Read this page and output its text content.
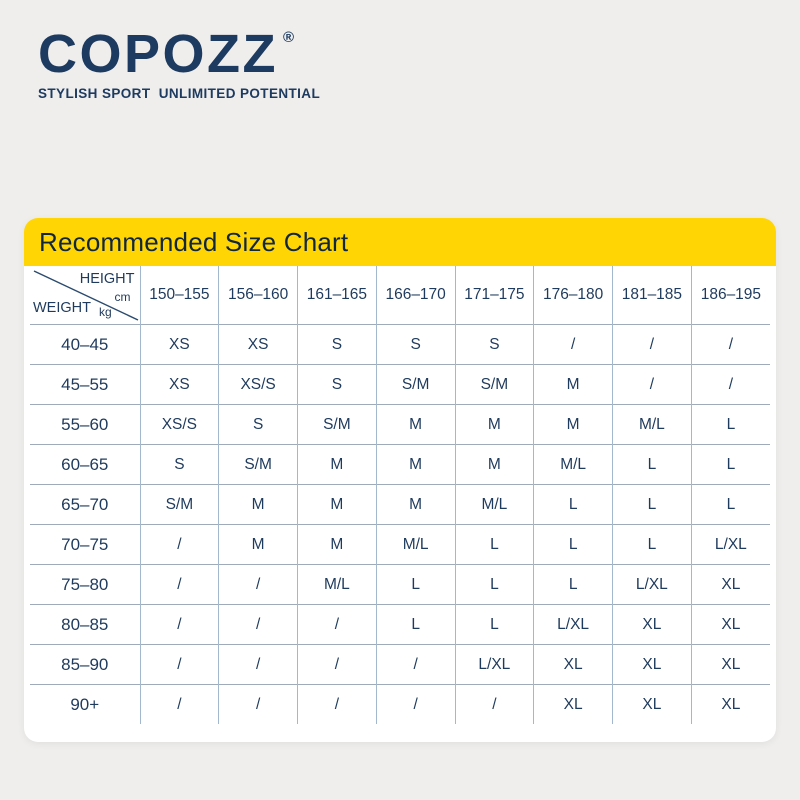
COPOZZ ®
STYLISH SPORT  UNLIMITED POTENTIAL
Recommended Size Chart
HEIGHT
cm
WEIGHT kg	150–155	156–160	161–165	166–170	171–175	176–180	181–185	186–195
40–45	XS	XS	S	S	S	/	/	/
45–55	XS	XS/S	S	S/M	S/M	M	/	/
55–60	XS/S	S	S/M	M	M	M	M/L	L
60–65	S	S/M	M	M	M	M/L	L	L
65–70	S/M	M	M	M	M/L	L	L	L
70–75	/	M	M	M/L	L	L	L	L/XL
75–80	/	/	M/L	L	L	L	L/XL	XL
80–85	/	/	/	L	L	L/XL	XL	XL
85–90	/	/	/	/	L/XL	XL	XL	XL
90+	/	/	/	/	/	XL	XL	XL
